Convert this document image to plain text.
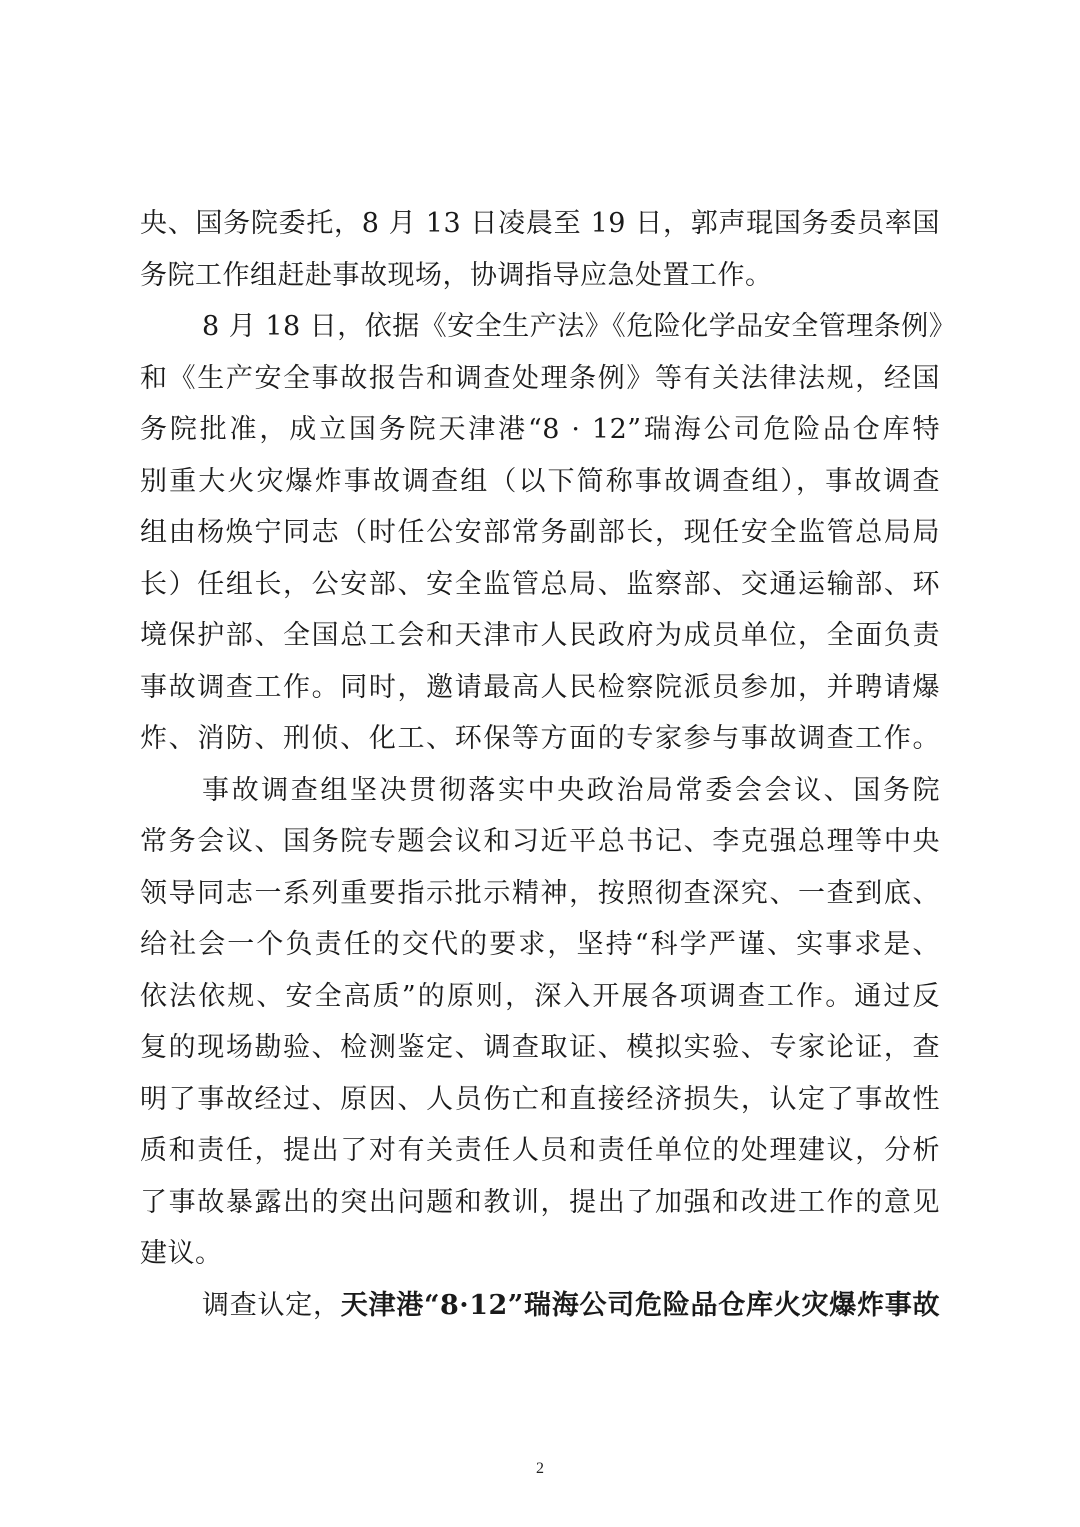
央、国务院委托，8 月 13 日凌晨至 19 日，郭声琨国务委员率国
务院工作组赶赴事故现场，协调指导应急处置工作。
8 月 18 日，依据《安全生产法》《危险化学品安全管理条例》
和《生产安全事故报告和调查处理条例》等有关法律法规，经国
务院批准，成立国务院天津港“8 · 12”瑞海公司危险品仓库特
别重大火灾爆炸事故调查组（以下简称事故调查组），事故调查
组由杨焕宁同志（时任公安部常务副部长，现任安全监管总局局
长）任组长，公安部、安全监管总局、监察部、交通运输部、环
境保护部、全国总工会和天津市人民政府为成员单位，全面负责
事故调查工作。同时，邀请最高人民检察院派员参加，并聘请爆
炸、消防、刑侦、化工、环保等方面的专家参与事故调查工作。
事故调查组坚决贯彻落实中央政治局常委会会议、国务院
常务会议、国务院专题会议和习近平总书记、李克强总理等中央
领导同志一系列重要指示批示精神，按照彻查深究、一查到底、
给社会一个负责任的交代的要求，坚持“科学严谨、实事求是、
依法依规、安全高质”的原则，深入开展各项调查工作。通过反
复的现场勘验、检测鉴定、调查取证、模拟实验、专家论证，查
明了事故经过、原因、人员伤亡和直接经济损失，认定了事故性
质和责任，提出了对有关责任人员和责任单位的处理建议，分析
了事故暴露出的突出问题和教训，提出了加强和改进工作的意见
建议。
调查认定，天津港“8·12”瑞海公司危险品仓库火灾爆炸事故
2
